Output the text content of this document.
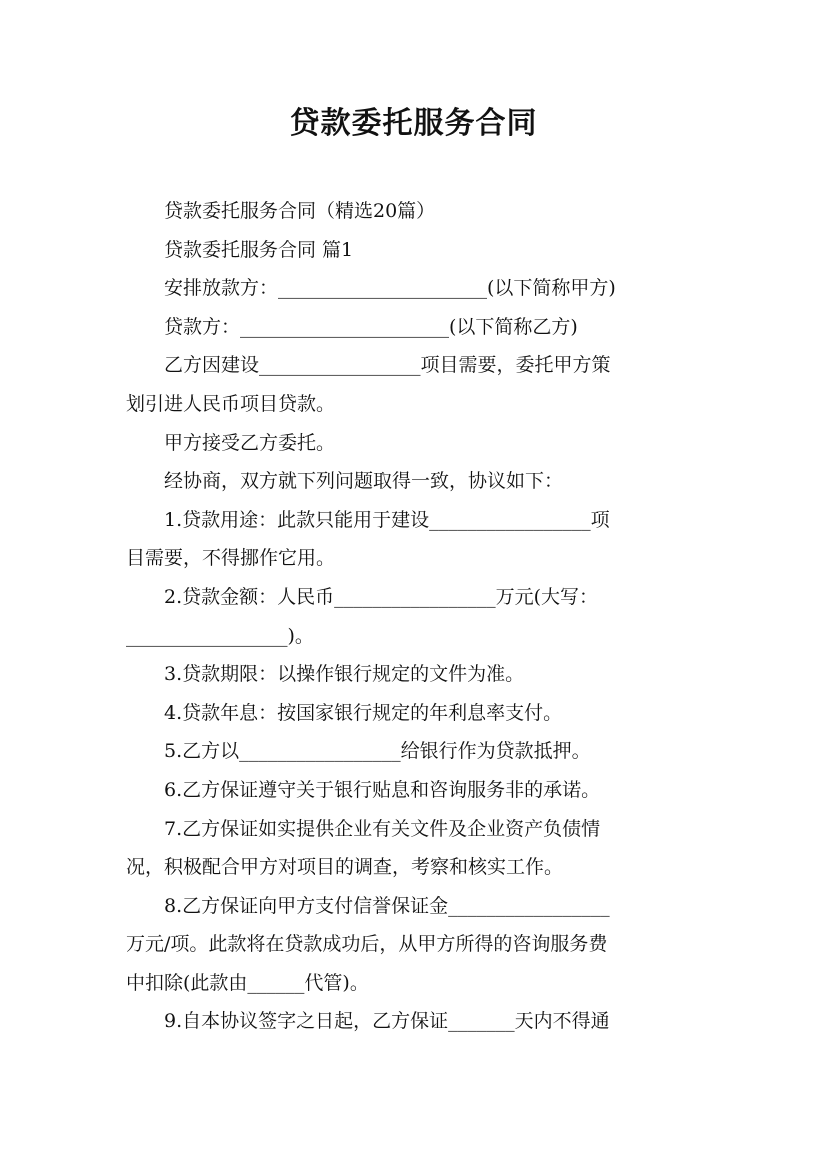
贷款委托服务合同

贷款委托服务合同（精选20篇）

贷款委托服务合同 篇1

安排放款方：______________________(以下简称甲方)

贷款方：______________________(以下简称乙方)

乙方因建设_________________项目需要，委托甲方策

划引进人民币项目贷款。

甲方接受乙方委托。

经协商，双方就下列问题取得一致，协议如下：

1.贷款用途：此款只能用于建设_________________项

目需要，不得挪作它用。

2.贷款金额：人民币_________________万元(大写：

_________________)。

3.贷款期限：以操作银行规定的文件为准。

4.贷款年息：按国家银行规定的年利息率支付。

5.乙方以_________________给银行作为贷款抵押。

6.乙方保证遵守关于银行贴息和咨询服务非的承诺。

7.乙方保证如实提供企业有关文件及企业资产负债情

况，积极配合甲方对项目的调查，考察和核实工作。

8.乙方保证向甲方支付信誉保证金_________________

万元/项。此款将在贷款成功后，从甲方所得的咨询服务费

中扣除(此款由______代管)。

9.自本协议签字之日起，乙方保证_______天内不得通
